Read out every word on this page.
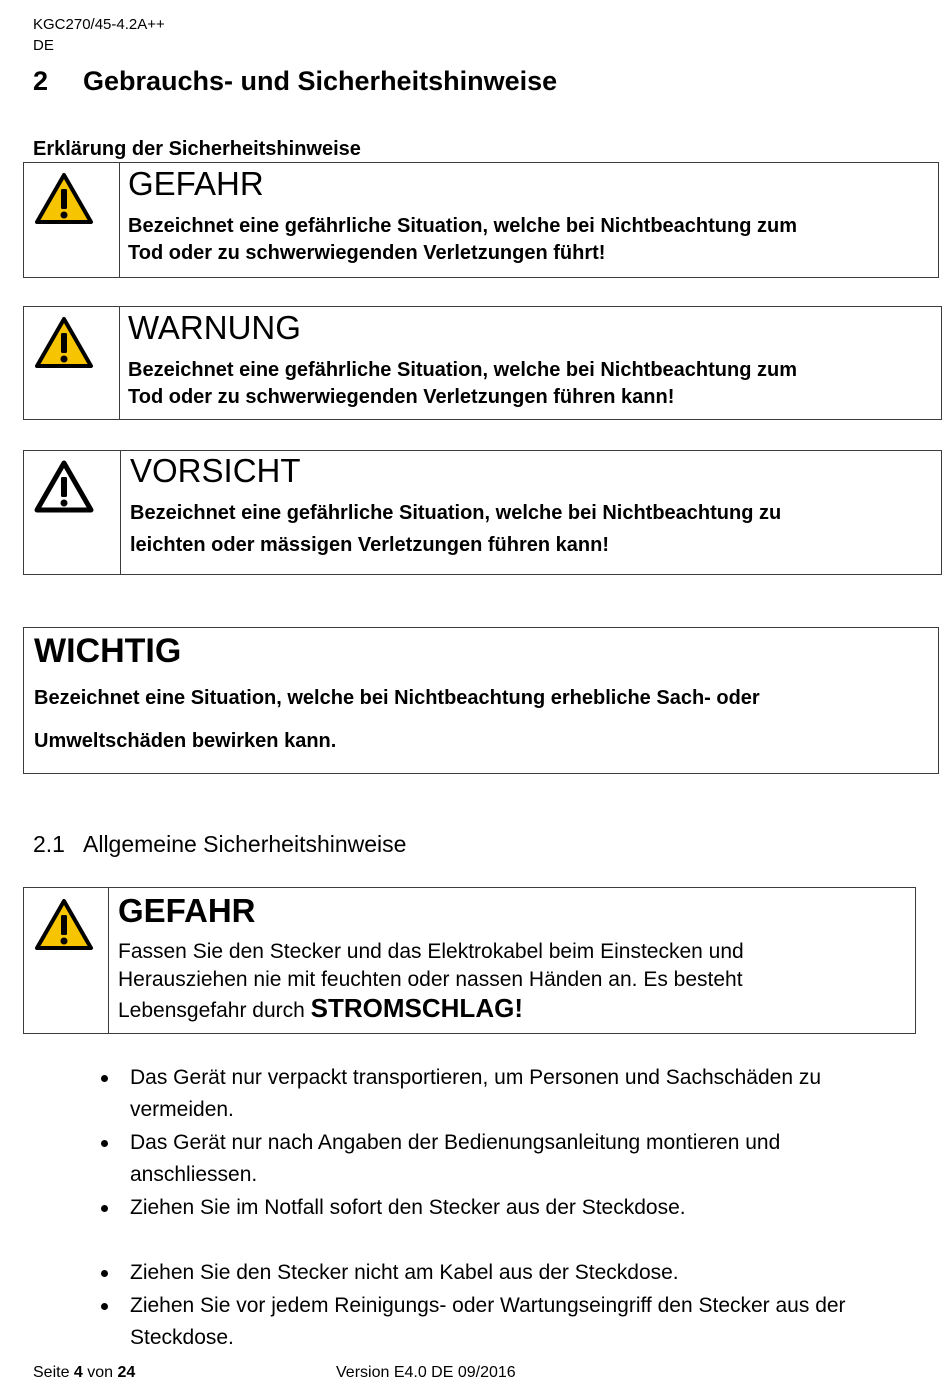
KGC270/45-4.2A++
DE
2 Gebrauchs- und Sicherheitshinweise
Erklärung der Sicherheitshinweise
GEFAHR
Bezeichnet eine gefährliche Situation, welche bei Nichtbeachtung zum
Tod oder zu schwerwiegenden Verletzungen führt!
WARNUNG
Bezeichnet eine gefährliche Situation, welche bei Nichtbeachtung zum
Tod oder zu schwerwiegenden Verletzungen führen kann!
VORSICHT
Bezeichnet eine gefährliche Situation, welche bei Nichtbeachtung zu
leichten oder mässigen Verletzungen führen kann!
WICHTIG
Bezeichnet eine Situation, welche bei Nichtbeachtung erhebliche Sach- oder
Umweltschäden bewirken kann.
2.1 Allgemeine Sicherheitshinweise
GEFAHR
Fassen Sie den Stecker und das Elektrokabel beim Einstecken und
Herausziehen nie mit feuchten oder nassen Händen an. Es besteht
Lebensgefahr durch STROMSCHLAG!
Das Gerät nur verpackt transportieren, um Personen und Sachschäden zu vermeiden.
Das Gerät nur nach Angaben der Bedienungsanleitung montieren und anschliessen.
Ziehen Sie im Notfall sofort den Stecker aus der Steckdose.
Ziehen Sie den Stecker nicht am Kabel aus der Steckdose.
Ziehen Sie vor jedem Reinigungs- oder Wartungseingriff den Stecker aus der Steckdose.
Seite 4 von 24	Version E4.0 DE 09/2016
